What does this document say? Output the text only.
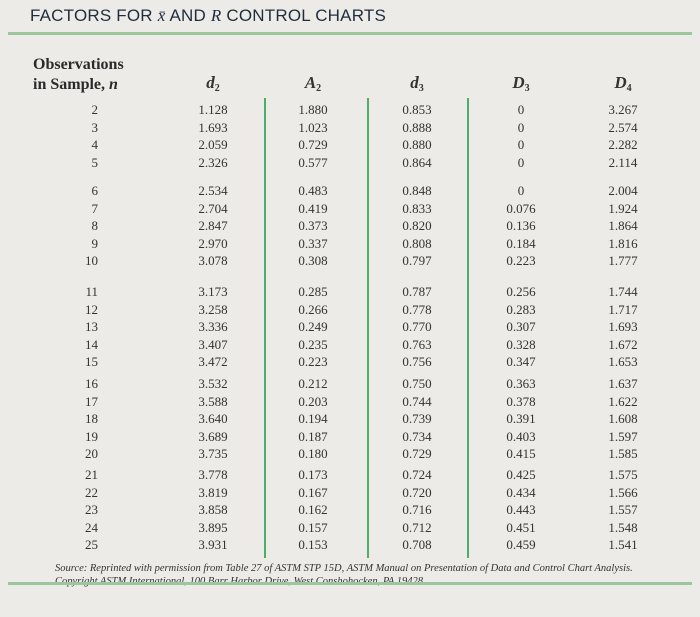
FACTORS FOR x̄ AND R CONTROL CHARTS
Observations
in Sample, n	$d_2$	$A_2$	$d_3$	$D_3$	$D_4$
2	1.128	1.880	0.853	0	3.267
3	1.693	1.023	0.888	0	2.574
4	2.059	0.729	0.880	0	2.282
5	2.326	0.577	0.864	0	2.114
6	2.534	0.483	0.848	0	2.004
7	2.704	0.419	0.833	0.076	1.924
8	2.847	0.373	0.820	0.136	1.864
9	2.970	0.337	0.808	0.184	1.816
10	3.078	0.308	0.797	0.223	1.777
11	3.173	0.285	0.787	0.256	1.744
12	3.258	0.266	0.778	0.283	1.717
13	3.336	0.249	0.770	0.307	1.693
14	3.407	0.235	0.763	0.328	1.672
15	3.472	0.223	0.756	0.347	1.653
16	3.532	0.212	0.750	0.363	1.637
17	3.588	0.203	0.744	0.378	1.622
18	3.640	0.194	0.739	0.391	1.608
19	3.689	0.187	0.734	0.403	1.597
20	3.735	0.180	0.729	0.415	1.585
21	3.778	0.173	0.724	0.425	1.575
22	3.819	0.167	0.720	0.434	1.566
23	3.858	0.162	0.716	0.443	1.557
24	3.895	0.157	0.712	0.451	1.548
25	3.931	0.153	0.708	0.459	1.541
Source: Reprinted with permission from Table 27 of ASTM STP 15D, ASTM Manual on Presentation of Data and Control Chart Analysis.
